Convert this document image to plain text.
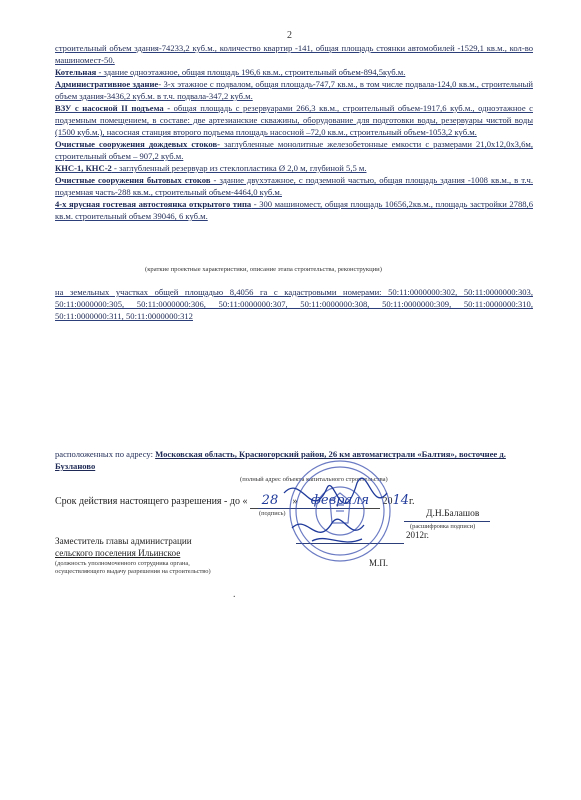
2

строительный объем здания-74233,2 куб.м., количество квартир -141, общая площадь стоянки автомобилей -1529,1 кв.м., кол-во машиномест-50.

Котельная - здание одноэтажное, общая площадь 196,6 кв.м., строительный объем-894,5куб.м.

Административное здание- 3-х этажное с подвалом, общая площадь-747,7 кв.м., в том числе подвала-124,0 кв.м., строительный объем здания-3436,2 куб.м. в т.ч. подвала-347,2 куб.м.

ВЗУ с насосной II подъема - общая площадь с резервуарами 266,3 кв.м., строительный объем-1917,6 куб.м., одноэтажное с подземным помещением, в составе: две артезианские скважины, оборудование для подготовки воды, резервуары чистой воды (1500 куб.м.), насосная станция второго подъема площадь насосной –72,0 кв.м., строительный объем-1053,2 куб.м.

Очистные сооружения дождевых стоков- заглубленные монолитные железобетонные емкости с размерами 21,0х12,0х3,6м, строительный объем – 907,2 куб.м.

КНС-1, КНС-2 - заглубленный резервуар из стеклопластика Ø 2,0 м, глубиной 5,5 м.

Очистные сооружения бытовых стоков - здание двухэтажное, с подземной частью, общая площадь здания -1008 кв.м., в т.ч. подземная часть-288 кв.м., строительный объем-4464,0 куб.м.

4-х ярусная гостевая автостоянка открытого типа - 300 машиномест, общая площадь 10656,2кв.м., площадь застройки 2788,6 кв.м. строительный объем 39046, 6 куб.м.

(краткие проектные характеристики, описание этапа строительства, реконструкции)

на земельных участках общей площадью 8,4056 га с кадастровыми номерами: 50:11:0000000:302, 50:11:0000000:303, 50:11:0000000:305, 50:11:0000000:306, 50:11:0000000:307, 50:11:0000000:308, 50:11:0000000:309, 50:11:0000000:310, 50:11:0000000:311, 50:11:0000000:312

расположенных по адресу: Московская область, Красногорский район, 26 км автомагистрали «Балтия», восточнее д. Бузланово
(полный адрес объекта капитального строительства)
Срок действия настоящего разрешения - до « 28 » февраля 2014г.
Заместитель главы администрации
сельского поселения Ильинское
(должность уполномоченного сотрудника органа, осуществляющего выдачу разрешения на строительство)
(подпись)	Д.Н.Балашов
(расшифровка подписи)
2012г.
М.П.
.
